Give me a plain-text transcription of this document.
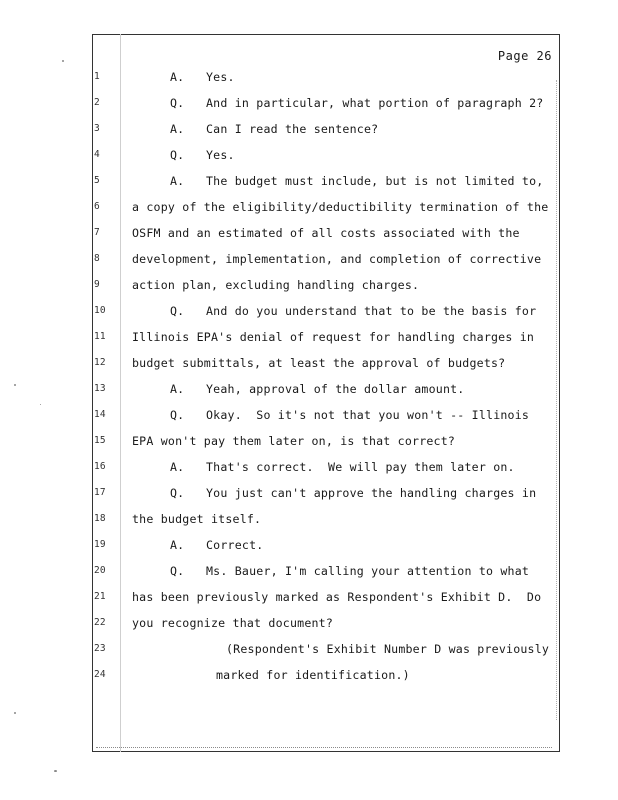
Page 26
1	A. Yes.
2	Q. And in particular, what portion of paragraph 2?
3	A. Can I read the sentence?
4	Q. Yes.
5	A. The budget must include, but is not limited to,
6	a copy of the eligibility/deductibility termination of the
7	OSFM and an estimated of all costs associated with the
8	development, implementation, and completion of corrective
9	action plan, excluding handling charges.
10	Q. And do you understand that to be the basis for
11	Illinois EPA's denial of request for handling charges in
12	budget submittals, at least the approval of budgets?
13	A. Yeah, approval of the dollar amount.
14	Q. Okay.  So it's not that you won't -- Illinois
15	EPA won't pay them later on, is that correct?
16	A. That's correct.  We will pay them later on.
17	Q. You just can't approve the handling charges in
18	the budget itself.
19	A. Correct.
20	Q. Ms. Bauer, I'm calling your attention to what
21	has been previously marked as Respondent's Exhibit D.  Do
22	you recognize that document?
23	(Respondent's Exhibit Number D was previously
24	marked for identification.)
